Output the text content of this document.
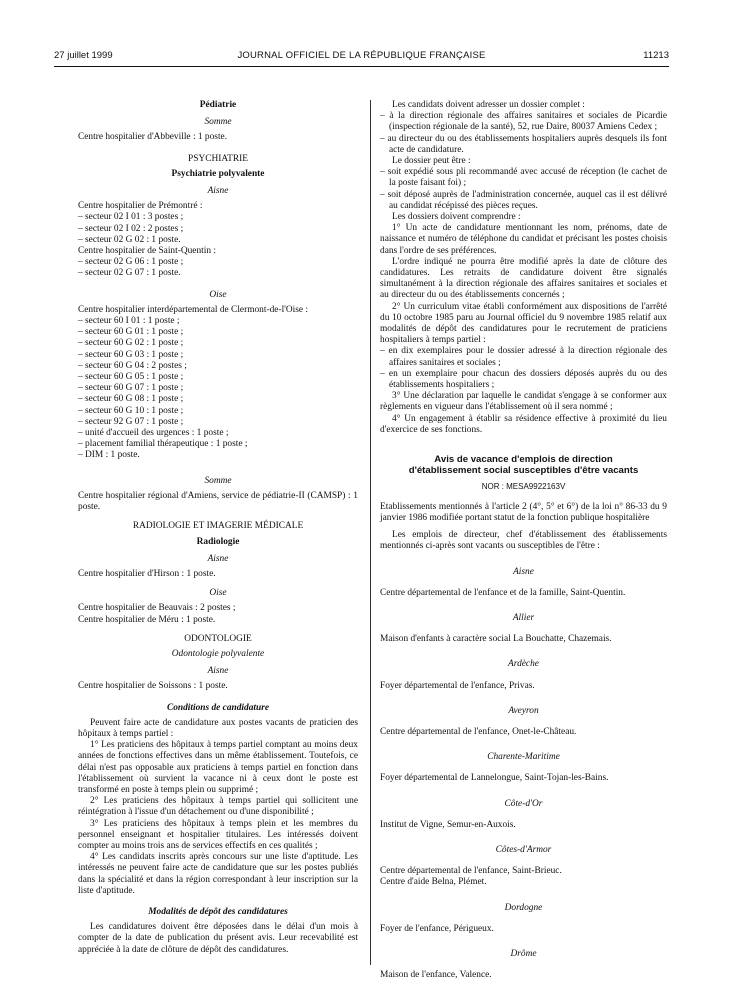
27 juillet 1999	JOURNAL OFFICIEL DE LA RÉPUBLIQUE FRANÇAISE	11213

Pédiatrie

Somme

Centre hospitalier d'Abbeville : 1 poste.

PSYCHIATRIE

Psychiatrie polyvalente

Aisne

Centre hospitalier de Prémontré :

– secteur 02 I 01 : 3 postes ;

– secteur 02 I 02 : 2 postes ;

– secteur 02 G 02 : 1 poste.

Centre hospitalier de Saint-Quentin :

– secteur 02 G 06 : 1 poste ;

– secteur 02 G 07 : 1 poste.

Oise

Centre hospitalier interdépartemental de Clermont-de-l'Oise :

– secteur 60 I 01 : 1 poste ;

– secteur 60 G 01 : 1 poste ;

– secteur 60 G 02 : 1 poste ;

– secteur 60 G 03 : 1 poste ;

– secteur 60 G 04 : 2 postes ;

– secteur 60 G 05 : 1 poste ;

– secteur 60 G 07 : 1 poste ;

– secteur 60 G 08 : 1 poste ;

– secteur 60 G 10 : 1 poste ;

– secteur 92 G 07 : 1 poste ;

– unité d'accueil des urgences : 1 poste ;

– placement familial thérapeutique : 1 poste ;

– DIM : 1 poste.

Somme

Centre hospitalier régional d'Amiens, service de pédiatrie-II (CAMSP) : 1 poste.

RADIOLOGIE ET IMAGERIE MÉDICALE

Radiologie

Aisne

Centre hospitalier d'Hirson : 1 poste.

Oise

Centre hospitalier de Beauvais : 2 postes ;

Centre hospitalier de Méru : 1 poste.

ODONTOLOGIE

Odontologie polyvalente

Aisne

Centre hospitalier de Soissons : 1 poste.

Conditions de candidature

Peuvent faire acte de candidature aux postes vacants de praticien des hôpitaux à temps partiel :

1° Les praticiens des hôpitaux à temps partiel comptant au moins deux années de fonctions effectives dans un même établissement. Toutefois, ce délai n'est pas opposable aux praticiens à temps partiel en fonction dans l'établissement où survient la vacance ni à ceux dont le poste est transformé en poste à temps plein ou supprimé ;

2° Les praticiens des hôpitaux à temps partiel qui sollicitent une réintégration à l'issue d'un détachement ou d'une disponibilité ;

3° Les praticiens des hôpitaux à temps plein et les membres du personnel enseignant et hospitalier titulaires. Les intéressés doivent compter au moins trois ans de services effectifs en ces qualités ;

4° Les candidats inscrits après concours sur une liste d'aptitude. Les intéressés ne peuvent faire acte de candidature que sur les postes publiés dans la spécialité et dans la région correspondant à leur inscription sur la liste d'aptitude.

Modalités de dépôt des candidatures

Les candidatures doivent être déposées dans le délai d'un mois à compter de la date de publication du présent avis. Leur recevabilité est appréciée à la date de clôture de dépôt des candidatures.

Les candidats doivent adresser un dossier complet :

– à la direction régionale des affaires sanitaires et sociales de Picardie (inspection régionale de la santé), 52, rue Daire, 80037 Amiens Cedex ;

– au directeur du ou des établissements hospitaliers auprès desquels ils font acte de candidature.

Le dossier peut être :

– soit expédié sous pli recommandé avec accusé de réception (le cachet de la poste faisant foi) ;

– soit déposé auprès de l'administration concernée, auquel cas il est délivré au candidat récépissé des pièces reçues.

Les dossiers doivent comprendre :

1° Un acte de candidature mentionnant les nom, prénoms, date de naissance et numéro de téléphone du candidat et précisant les postes choisis dans l'ordre de ses préférences.

L'ordre indiqué ne pourra être modifié après la date de clôture des candidatures. Les retraits de candidature doivent être signalés simultanément à la direction régionale des affaires sanitaires et sociales et au directeur du ou des établissements concernés ;

2° Un curriculum vitae établi conformément aux dispositions de l'arrêté du 10 octobre 1985 paru au Journal officiel du 9 novembre 1985 relatif aux modalités de dépôt des candidatures pour le recrutement de praticiens hospitaliers à temps partiel :

– en dix exemplaires pour le dossier adressé à la direction régionale des affaires sanitaires et sociales ;

– en un exemplaire pour chacun des dossiers déposés auprès du ou des établissements hospitaliers ;

3° Une déclaration par laquelle le candidat s'engage à se conformer aux règlements en vigueur dans l'établissement où il sera nommé ;

4° Un engagement à établir sa résidence effective à proximité du lieu d'exercice de ses fonctions.

Avis de vacance d'emplois de direction

d'établissement social susceptibles d'être vacants

NOR : MESA9922163V

Etablissements mentionnés à l'article 2 (4°, 5° et 6°) de la loi n° 86-33 du 9 janvier 1986 modifiée portant statut de la fonction publique hospitalière

Les emplois de directeur, chef d'établissement des établissements mentionnés ci-après sont vacants ou susceptibles de l'être :

Aisne

Centre départemental de l'enfance et de la famille, Saint-Quentin.

Allier

Maison d'enfants à caractère social La Bouchatte, Chazemais.

Ardèche

Foyer départemental de l'enfance, Privas.

Aveyron

Centre départemental de l'enfance, Onet-le-Château.

Charente-Maritime

Foyer départemental de Lannelongue, Saint-Tojan-les-Bains.

Côte-d'Or

Institut de Vigne, Semur-en-Auxois.

Côtes-d'Armor

Centre départemental de l'enfance, Saint-Brieuc.

Centre d'aide Belna, Plémet.

Dordogne

Foyer de l'enfance, Périgueux.

Drôme

Maison de l'enfance, Valence.
